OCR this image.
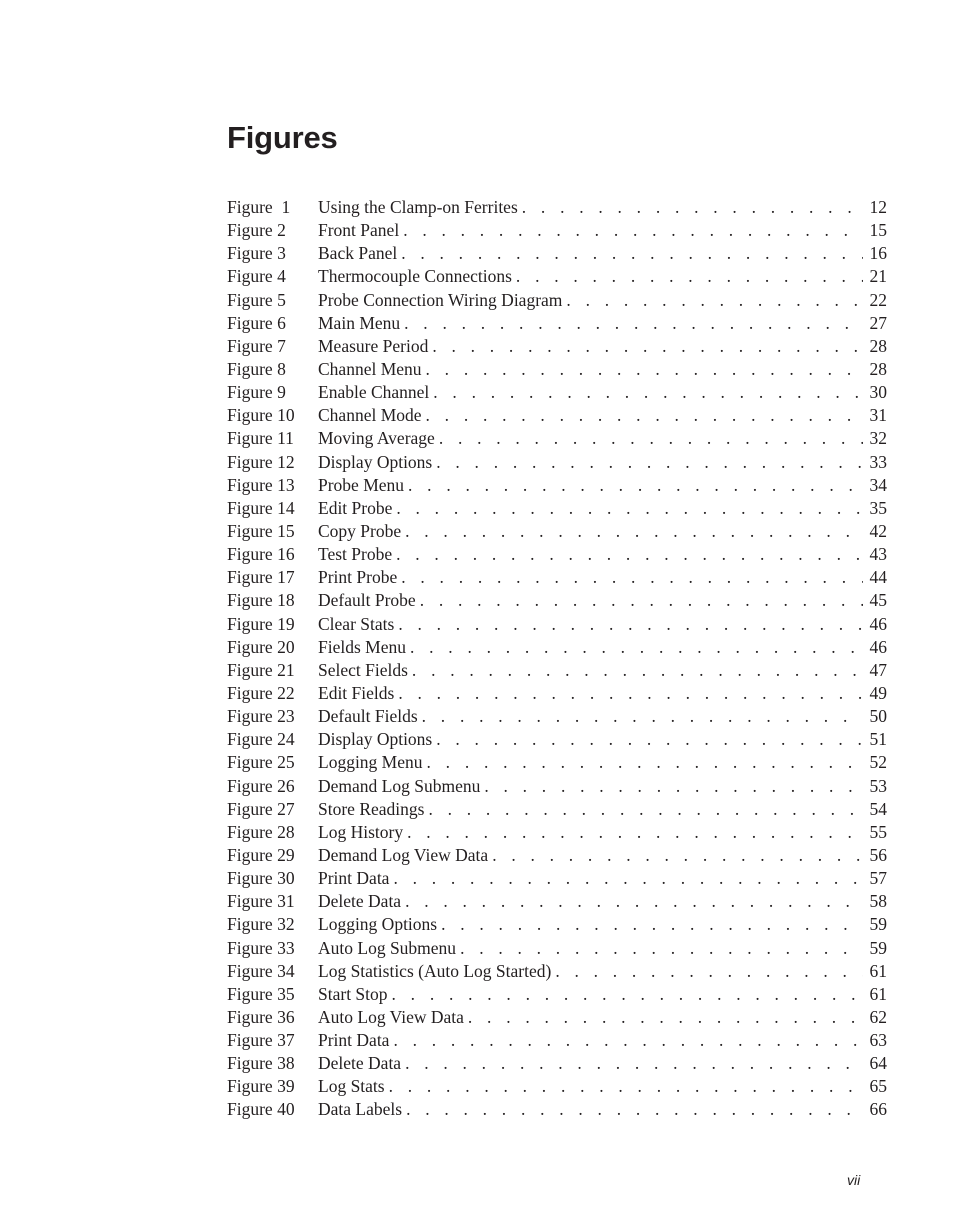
Figures
Figure  1	Using the Clamp-on Ferrites . . .	12
Figure 2	Front Panel . . .	15
Figure 3	Back Panel . . .	16
Figure 4	Thermocouple Connections . . .	21
Figure 5	Probe Connection Wiring Diagram . . .	22
Figure 6	Main Menu . . .	27
Figure 7	Measure Period . . .	28
Figure 8	Channel Menu . . .	28
Figure 9	Enable Channel . . .	30
Figure 10	Channel Mode . . .	31
Figure 11	Moving Average . . .	32
Figure 12	Display Options . . .	33
Figure 13	Probe Menu . . .	34
Figure 14	Edit Probe . . .	35
Figure 15	Copy Probe . . .	42
Figure 16	Test Probe . . .	43
Figure 17	Print Probe . . .	44
Figure 18	Default Probe . . .	45
Figure 19	Clear Stats . . .	46
Figure 20	Fields Menu . . .	46
Figure 21	Select Fields . . .	47
Figure 22	Edit Fields . . .	49
Figure 23	Default Fields . . .	50
Figure 24	Display Options . . .	51
Figure 25	Logging Menu . . .	52
Figure 26	Demand Log Submenu . . .	53
Figure 27	Store Readings . . .	54
Figure 28	Log History . . .	55
Figure 29	Demand Log View Data . . .	56
Figure 30	Print Data . . .	57
Figure 31	Delete Data . . .	58
Figure 32	Logging Options . . .	59
Figure 33	Auto Log Submenu . . .	59
Figure 34	Log Statistics (Auto Log Started) . . .	61
Figure 35	Start Stop . . .	61
Figure 36	Auto Log View Data . . .	62
Figure 37	Print Data . . .	63
Figure 38	Delete Data . . .	64
Figure 39	Log Stats . . .	65
Figure 40	Data Labels . . .	66
vii
